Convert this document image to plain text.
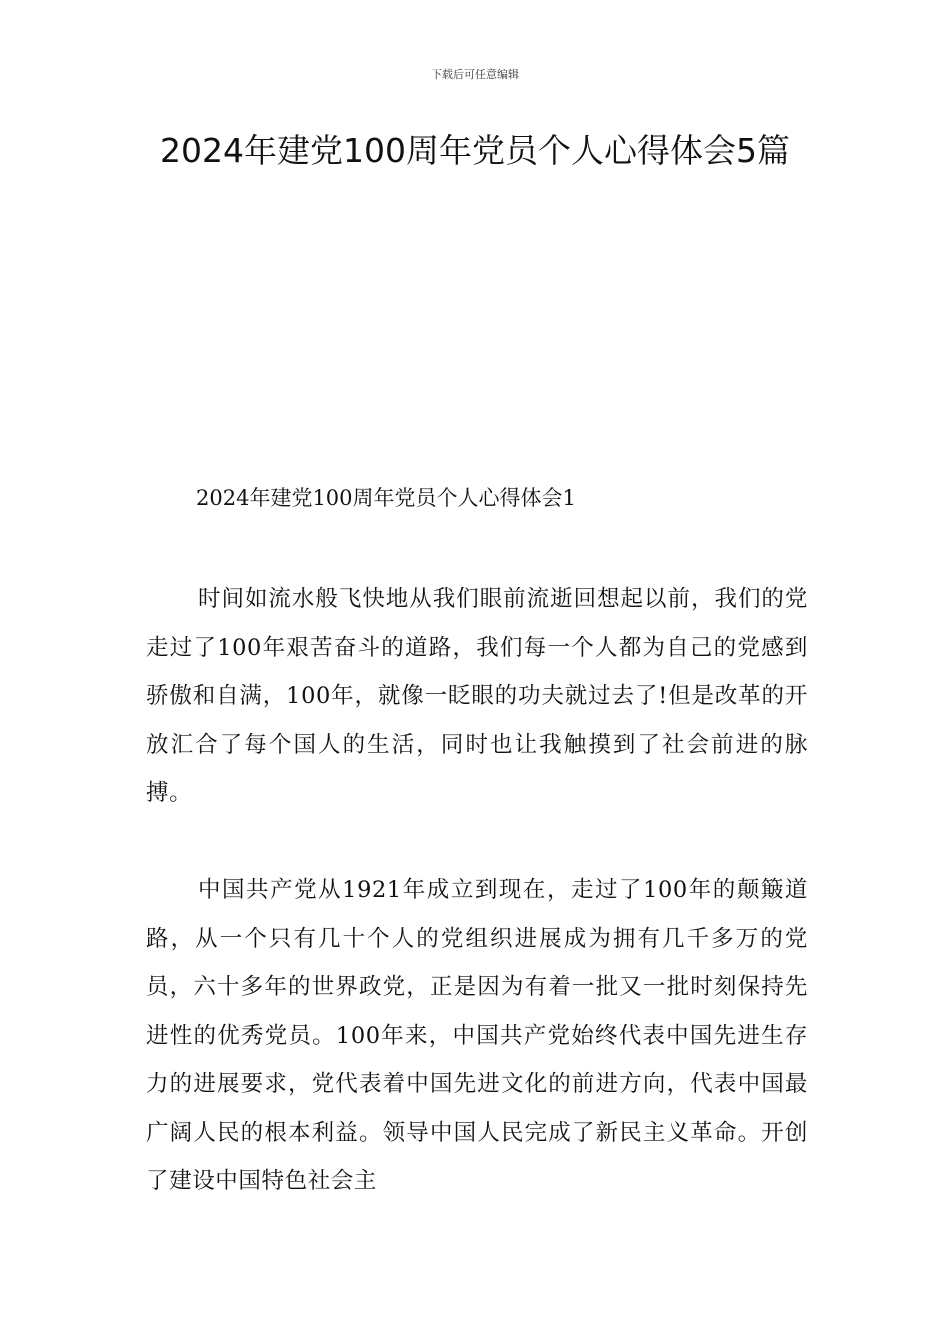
下载后可任意编辑
2024年建党100周年党员个人心得体会5篇
2024年建党100周年党员个人心得体会1

时间如流水般飞快地从我们眼前流逝回想起以前，我们的党走过了100年艰苦奋斗的道路，我们每一个人都为自己的党感到骄傲和自满，100年，就像一眨眼的功夫就过去了!但是改革的开放汇合了每个国人的生活，同时也让我触摸到了社会前进的脉搏。

中国共产党从1921年成立到现在，走过了100年的颠簸道路，从一个只有几十个人的党组织进展成为拥有几千多万的党员，六十多年的世界政党，正是因为有着一批又一批时刻保持先进性的优秀党员。100年来，中国共产党始终代表中国先进生存力的进展要求，党代表着中国先进文化的前进方向，代表中国最广阔人民的根本利益。领导中国人民完成了新民主义革命。开创了建设中国特色社会主
